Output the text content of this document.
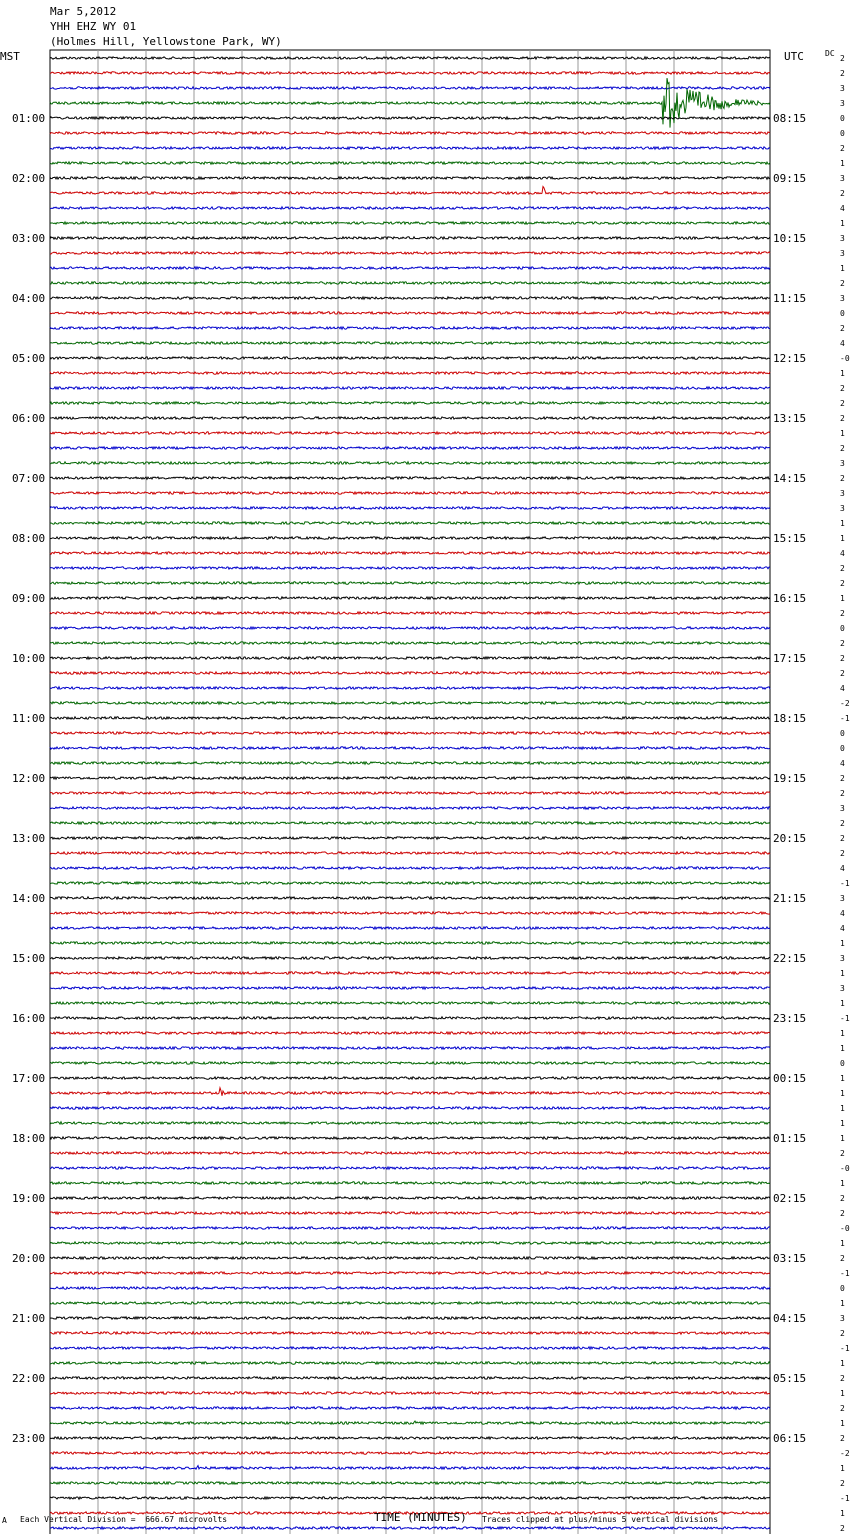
Mar 5,2012
YHH EHZ WY 01
(Holmes Hill, Yellowstone Park, WY)
MST	UTC	DC
2
2
3
3
0
0
2
1
3
2
4
1
3
3
1
2
3
0
2
4
-0
1
2
2
2
1
2
3
2
3
3
1
1
4
2
2
1
2
0
2
2
2
4
-2
-1
0
0
4
2
2
3
2
2
2
4
-1
3
4
4
1
3
1
3
1
-1
1
1
0
1
1
1
1
1
2
-0
1
2
2
-0
1
2
-1
0
1
3
2
-1
1
2
1
2
1
2
-2
1
2
-1
1
2
01:00
02:00
03:00
04:00
05:00
06:00
07:00
08:00
09:00
10:00
11:00
12:00
13:00
14:00
15:00
16:00
17:00
18:00
19:00
20:00
21:00
22:00
23:00
08:15
09:15
10:15
11:15
12:15
13:15
14:15
15:15
16:15
17:15
18:15
19:15
20:15
21:15
22:15
23:15
00:15
01:15
02:15
03:15
04:15
05:15
06:15
A Each Vertical Division =  666.67 microvolts	TIME (MINUTES) Traces clipped at plus/minus 5 vertical divisions
